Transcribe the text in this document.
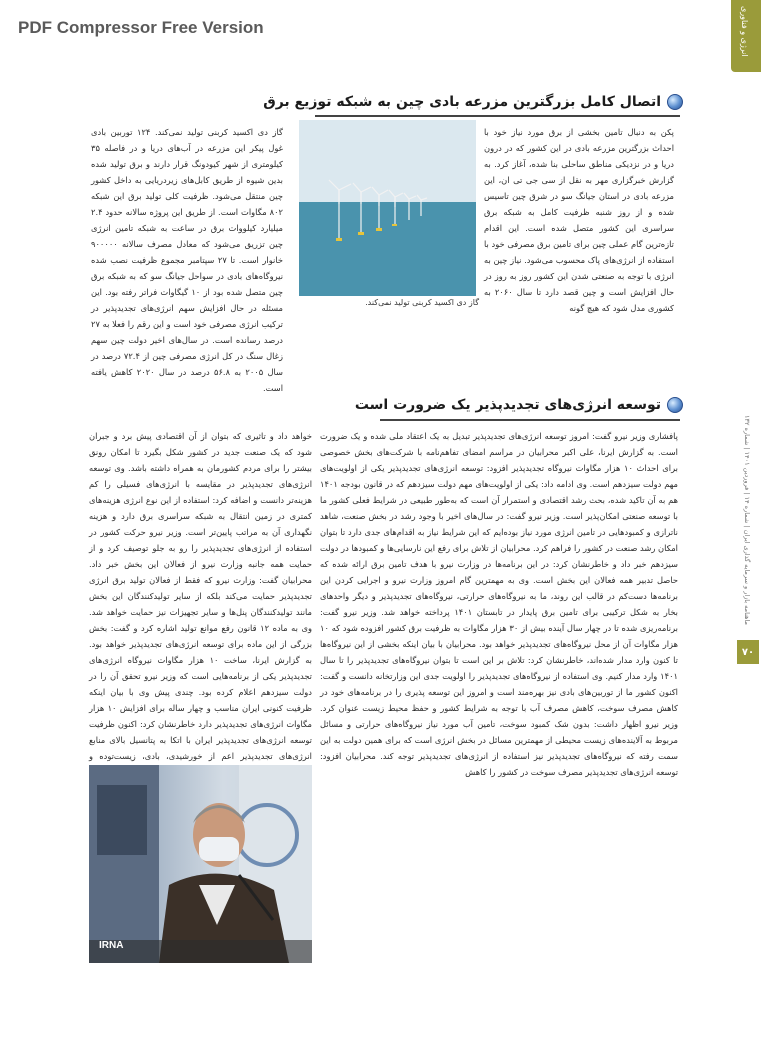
PDF Compressor Free Version	انرژی و فناوری
ماهنامه بازار و سرمایه گذاری ایران | شماره ۱۴ | فروردین ۱۴۰۱ | شماره ۱۳۲
۷۰
اتصال کامل بزرگترین مزرعه بادی چین به شبکه توزیع برق

پکن به دنبال تامین بخشی از برق مورد نیاز خود با احداث بزرگترین مزرعه بادی در این کشور که در درون دریا و در نزدیکی مناطق ساحلی بنا شده، آغاز کرد. به گزارش خبرگزاری مهر به نقل از سی جی تی ان، این مزرعه بادی در استان جیانگ سو در شرق چین تاسیس شده و از روز شنبه ظرفیت کامل به شبکه برق سراسری این کشور متصل شده است. این اقدام تازه‌ترین گام عملی چین برای تامین برق مصرفی خود با استفاده از انرژی‌های پاک محسوب می‌شود. نیاز چین به انرژی با توجه به صنعتی شدن این کشور روز به روز در حال افزایش است و چین قصد دارد تا سال ۲۰۶۰ به کشوری مدل شود که هیچ گونه

گاز دی اکسید کربنی تولید نمی‌کند.

گاز دی اکسید کربنی تولید نمی‌کند. ۱۲۴ توربین بادی غول پیکر این مزرعه در آب‌های دریا و در فاصله ۳۵ کیلومتری از شهر کیودونگ قرار دارند و برق تولید شده بدین شیوه از طریق کابل‌های زیردریایی به داخل کشور چین منتقل می‌شود. ظرفیت کلی تولید برق این شبکه ۸۰۲ مگاوات است. از طریق این پروژه سالانه حدود ۲.۴ میلیارد کیلووات برق در ساعت به شبکه تامین انرژی چین تزریق می‌شود که معادل مصرف سالانه ۹۰۰۰۰۰ خانوار است. تا ۲۷ سپتامبر مجموع ظرفیت نصب شده نیروگاه‌های بادی در سواحل جیانگ سو که به شبکه برق چین متصل شده بود از ۱۰ گیگاوات فراتر رفته بود. این مسئله در حال افزایش سهم انرژی‌های تجدیدپذیر در ترکیب انرژی مصرفی خود است و این رقم را فعلا به ۲۷ درصد رسانده است. در سال‌های اخیر دولت چین سهم زغال سنگ در کل انرژی مصرفی چین از ۷۲.۴ درصد در سال ۲۰۰۵ به ۵۶.۸ درصد در سال ۲۰۲۰ کاهش یافته است.

توسعه انرژی‌های تجدیدپذیر یک ضرورت است

پافشاری وزیر نیرو گفت: امروز توسعه انرژی‌های تجدیدپذیر تبدیل به یک اعتقاد ملی شده و یک ضرورت است. به گزارش ایرنا، علی اکبر محرابیان در مراسم امضای تفاهم‌نامه با شرکت‌های بخش خصوصی برای احداث ۱۰ هزار مگاوات نیروگاه تجدیدپذیر افزود: توسعه انرژی‌های تجدیدپذیر یکی از اولویت‌های مهم دولت سیزدهم است. وی ادامه داد: یکی از اولویت‌های مهم دولت سیزدهم که در قانون بودجه ۱۴۰۱ هم به آن تاکید شده، بحث رشد اقتصادی و استمرار آن است که به‌طور طبیعی در شرایط فعلی کشور ما با توسعه صنعتی امکان‌پذیر است. وزیر نیرو گفت: در سال‌های اخیر با وجود رشد در بخش صنعت، شاهد ناترازی و کمبودهایی در تامین انرژی مورد نیاز بوده‌ایم که این شرایط نیاز به اقدام‌های جدی دارد تا بتوان امکان رشد صنعت در کشور را فراهم کرد. محرابیان از تلاش برای رفع این نارسایی‌ها و کمبودها در دولت سیزدهم خبر داد و خاطرنشان کرد: در این برنامه‌ها در وزارت نیرو با هدف تامین برق ارائه شده که حاصل تدبیر همه فعالان این بخش است. وی به مهمترین گام امروز وزارت نیرو و اجرایی کردن این برنامه‌ها دست‌کم در قالب این روند، ما به نیروگاه‌های حرارتی، نیروگاه‌های تجدیدپذیر و دیگر واحدهای بخار به شکل ترکیبی برای تامین برق پایدار در تابستان ۱۴۰۱ پرداخته خواهد شد. وزیر نیرو گفت: برنامه‌ریزی شده تا در چهار سال آینده بیش از ۳۰ هزار مگاوات به ظرفیت برق کشور افزوده شود که ۱۰ هزار مگاوات آن از محل نیروگاه‌های تجدیدپذیر خواهد بود. محرابیان با بیان اینکه بخشی از این نیروگاه‌ها تا کنون وارد مدار شده‌اند، خاطرنشان کرد: تلاش بر این است تا بتوان نیروگاه‌های تجدیدپذیر را تا سال ۱۴۰۱ وارد مدار کنیم. وی استفاده از نیروگاه‌های تجدیدپذیر را اولویت جدی این وزارتخانه دانست و گفت: اکنون کشور ما از توربین‌های بادی نیز بهره‌مند است و امروز این توسعه پذیری را در برنامه‌های خود در کاهش مصرف سوخت، کاهش مصرف آب با توجه به شرایط کشور و حفظ محیط زیست عنوان کرد. وزیر نیرو اظهار داشت: بدون شک کمبود سوخت، تامین آب مورد نیاز نیروگاه‌های حرارتی و مسائل مربوط به آلاینده‌های زیست محیطی از مهمترین مسائل در بخش انرژی است که برای همین دولت به این سمت رفته که نیروگاه‌های تجدیدپذیر نیز استفاده از انرژی‌های تجدیدپذیر توجه کند. محرابیان افزود: توسعه انرژی‌های تجدیدپذیر مصرف سوخت در کشور را کاهش

خواهد داد و تاثیری که بتوان از آن اقتصادی پیش برد و جبران شود که یک صنعت جدید در کشور شکل بگیرد تا امکان رونق بیشتر را برای مردم کشورمان به همراه داشته باشد. وی توسعه انرژی‌های تجدیدپذیر در مقایسه با انرژی‌های فسیلی را کم هزینه‌تر دانست و اضافه کرد: استفاده از این نوع انرژی هزینه‌های کمتری در زمین انتقال به شبکه سراسری برق دارد و هزینه نگهداری آن به مراتب پایین‌تر است. وزیر نیرو حرکت کشور در استفاده از انرژی‌های تجدیدپذیر را رو به جلو توصیف کرد و از حمایت همه جانبه وزارت نیرو از فعالان این بخش خبر داد. محرابیان گفت: وزارت نیرو که فقط از فعالان تولید برق انرژی تجدیدپذیر حمایت می‌کند بلکه از سایر تولیدکنندگان این بخش مانند تولیدکنندگان پنل‌ها و سایر تجهیزات نیز حمایت خواهد شد. وی به ماده ۱۲ قانون رفع موانع تولید اشاره کرد و گفت: بخش بزرگی از این ماده برای توسعه انرژی‌های تجدیدپذیر خواهد بود. به گزارش ایرنا، ساخت ۱۰ هزار مگاوات نیروگاه انرژی‌های تجدیدپذیر یکی از برنامه‌هایی است که وزیر نیرو تحقق آن را در دولت سیزدهم اعلام کرده بود. چندی پیش وی با بیان اینکه ظرفیت کنونی ایران مناسب و چهار ساله برای افزایش ۱۰ هزار مگاوات انرژی‌های تجدیدپذیر دارد خاطرنشان کرد: اکنون ظرفیت توسعه انرژی‌های تجدیدپذیر ایران با اتکا به پتانسیل بالای منابع انرژی‌های تجدیدپذیر اعم از خورشیدی، بادی، زیست‌توده و

IRNA
